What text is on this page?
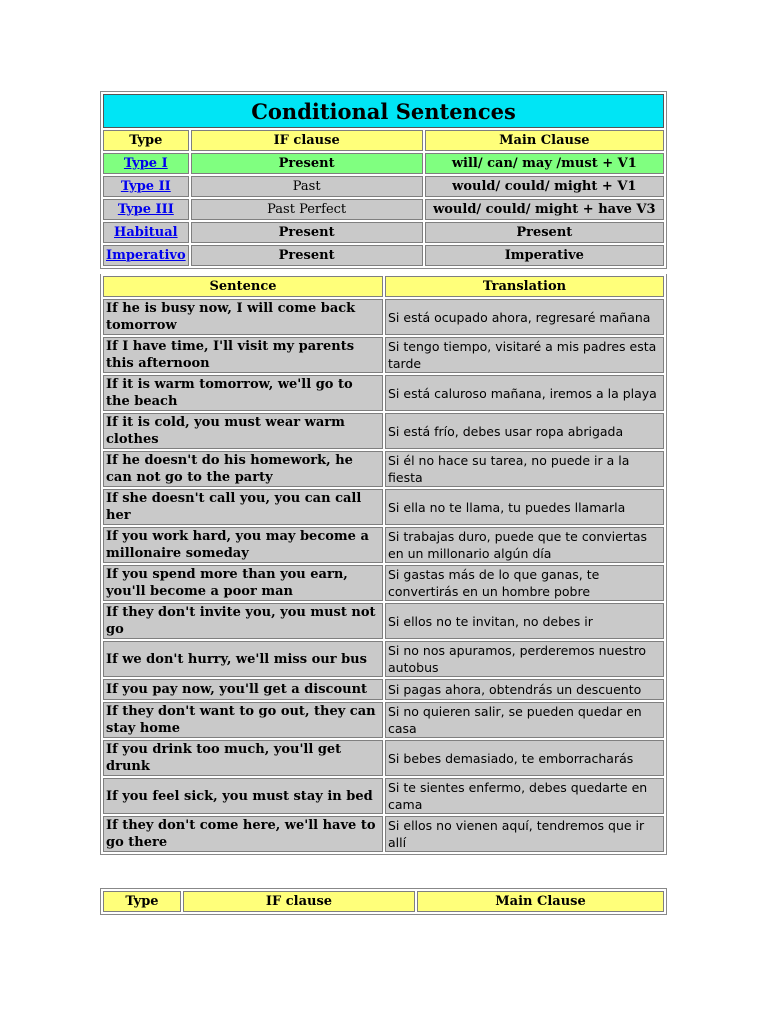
Conditional Sentences		
Type	IF clause	Main Clause
Type I	Present	will/ can/ may /must + V1
Type II	Past	would/ could/ might + V1
Type III	Past Perfect	would/ could/ might + have V3
Habitual	Present	Present
Imperativo	Present	Imperative
Sentence	Translation
If he is busy now, I will come back tomorrow	Si está ocupado ahora, regresaré mañana
If I have time, I'll visit my parents this afternoon	Si tengo tiempo, visitaré a mis padres esta tarde
If it is warm tomorrow, we'll go to the beach	Si está caluroso mañana, iremos a la playa
If it is cold, you must wear warm clothes	Si está frío, debes usar ropa abrigada
If he doesn't do his homework, he can not go to the party	Si él no hace su tarea, no puede ir a la fiesta
If she doesn't call you, you can call her	Si ella no te llama, tu puedes llamarla
If you work hard, you may become a millonaire someday	Si trabajas duro, puede que te conviertas en un millonario algún día
If you spend more than you earn, you'll become a poor man	Si gastas más de lo que ganas, te convertirás en un hombre pobre
If they don't invite you, you must not go	Si ellos no te invitan, no debes ir
If we don't hurry, we'll miss our bus	Si no nos apuramos, perderemos nuestro autobus
If you pay now, you'll get a discount	Si pagas ahora, obtendrás un descuento
If they don't want to go out, they can stay home	Si no quieren salir, se pueden quedar en casa
If you drink too much, you'll get drunk	Si bebes demasiado, te emborracharás
If you feel sick, you must stay in bed	Si te sientes enfermo, debes quedarte en cama
If they don't come here, we'll have to go there	Si ellos no vienen aquí, tendremos que ir allí
Type	IF clause	Main Clause
